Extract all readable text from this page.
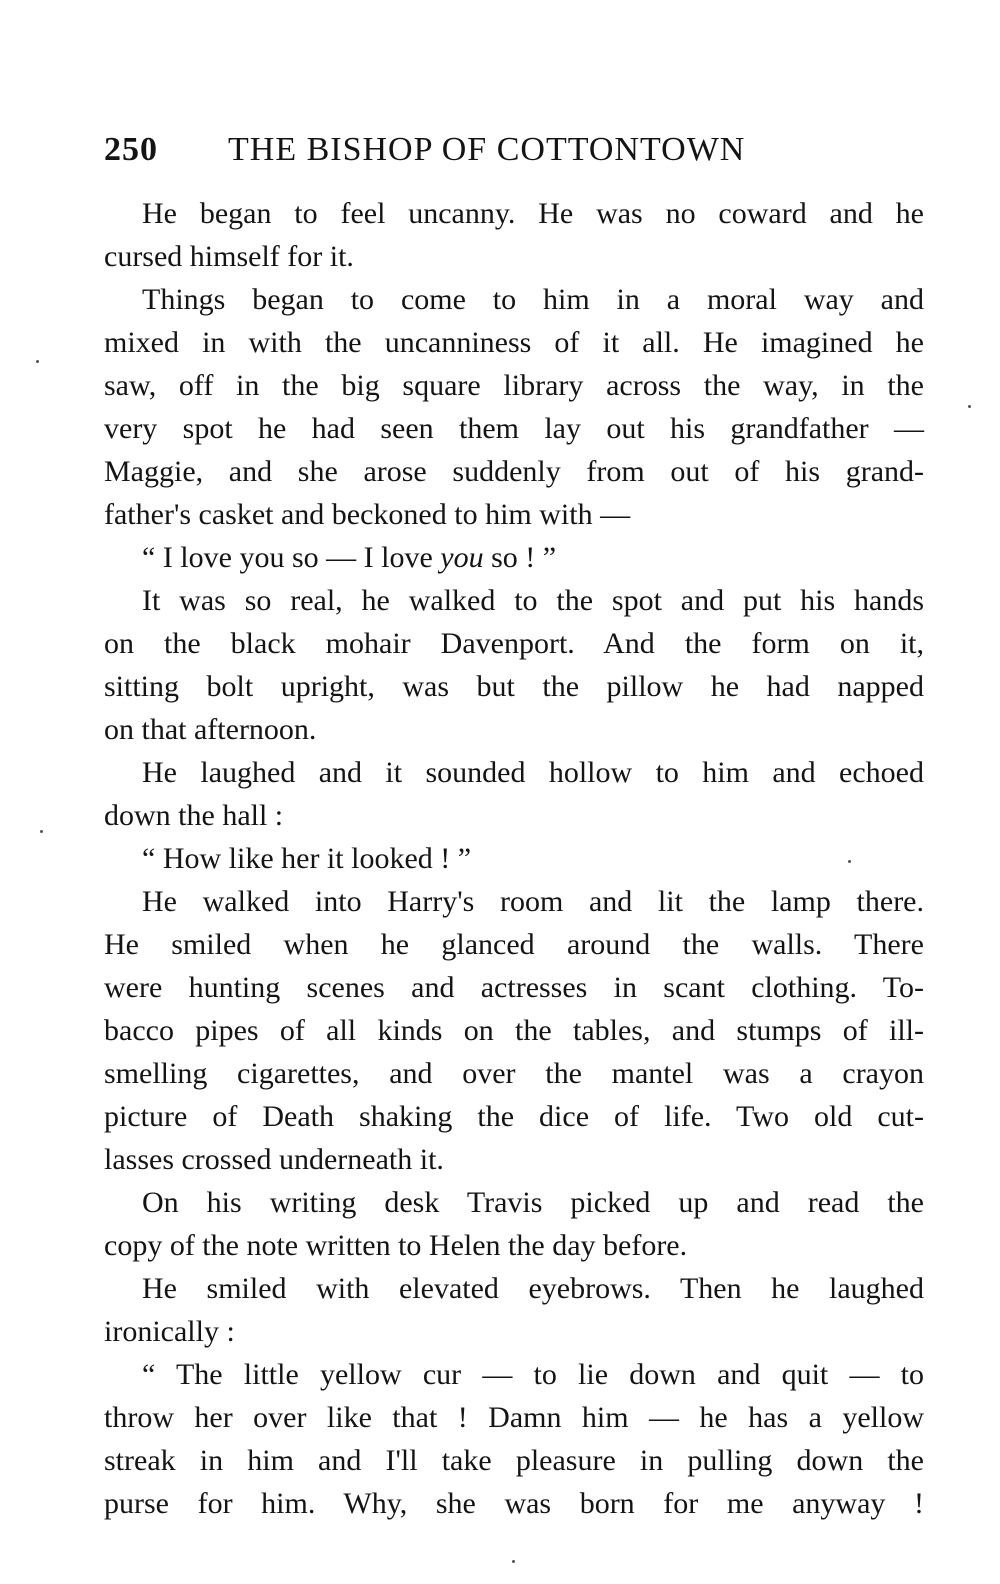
250 THE BISHOP OF COTTONTOWN
He began to feel uncanny. He was no coward and he
cursed himself for it.
Things began to come to him in a moral way and
mixed in with the uncanniness of it all. He imagined he
saw, off in the big square library across the way, in the
very spot he had seen them lay out his grandfather —
Maggie, and she arose suddenly from out of his grand-
father's casket and beckoned to him with —
“ I love you so — I love you so ! ”
It was so real, he walked to the spot and put his hands
on the black mohair Davenport. And the form on it,
sitting bolt upright, was but the pillow he had napped
on that afternoon.
He laughed and it sounded hollow to him and echoed
down the hall :
“ How like her it looked ! ”
He walked into Harry's room and lit the lamp there.
He smiled when he glanced around the walls. There
were hunting scenes and actresses in scant clothing. To-
bacco pipes of all kinds on the tables, and stumps of ill-
smelling cigarettes, and over the mantel was a crayon
picture of Death shaking the dice of life. Two old cut-
lasses crossed underneath it.
On his writing desk Travis picked up and read the
copy of the note written to Helen the day before.
He smiled with elevated eyebrows. Then he laughed
ironically :
“ The little yellow cur — to lie down and quit — to
throw her over like that ! Damn him — he has a yellow
streak in him and I'll take pleasure in pulling down the
purse for him. Why, she was born for me anyway !
